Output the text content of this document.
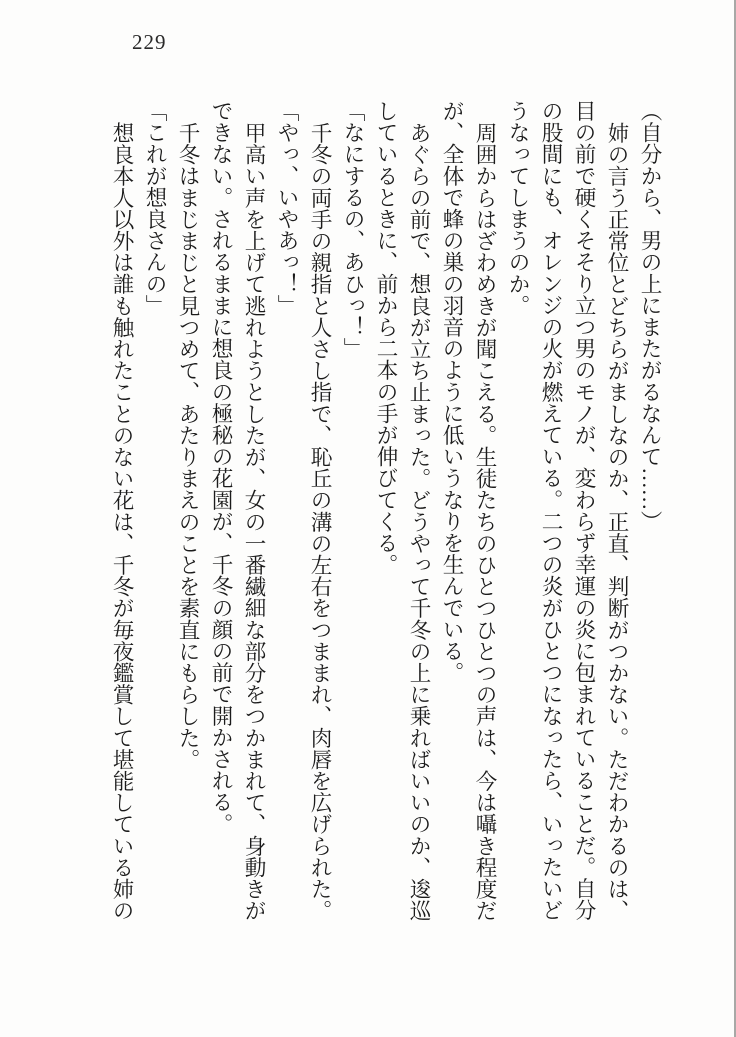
229

（自分から、男の上にまたがるなんて……）

姉の言う正常位とどちらがましなのか、正直、判断がつかない。ただわかるのは、

目の前で硬くそそり立つ男のモノが、変わらず幸運の炎に包まれていることだ。自分

の股間にも、オレンジの火が燃えている。二つの炎がひとつになったら、いったいど

うなってしまうのか。

周囲からはざわめきが聞こえる。生徒たちのひとつひとつの声は、今は囁き程度だ

が、全体で蜂の巣の羽音のように低いうなりを生んでいる。

あぐらの前で、想良が立ち止まった。どうやって千冬の上に乗ればいいのか、逡巡

しているときに、前から二本の手が伸びてくる。

「なにするの、あひっ！」

千冬の両手の親指と人さし指で、恥丘の溝の左右をつままれ、肉唇を広げられた。

「やっ、いやあっ！」

甲高い声を上げて逃れようとしたが、女の一番繊細な部分をつかまれて、身動きが

できない。されるままに想良の極秘の花園が、千冬の顔の前で開かされる。

千冬はまじまじと見つめて、あたりまえのことを素直にもらした。

「これが想良さんの」

想良本人以外は誰も触れたことのない花は、千冬が毎夜鑑賞して堪能している姉の
